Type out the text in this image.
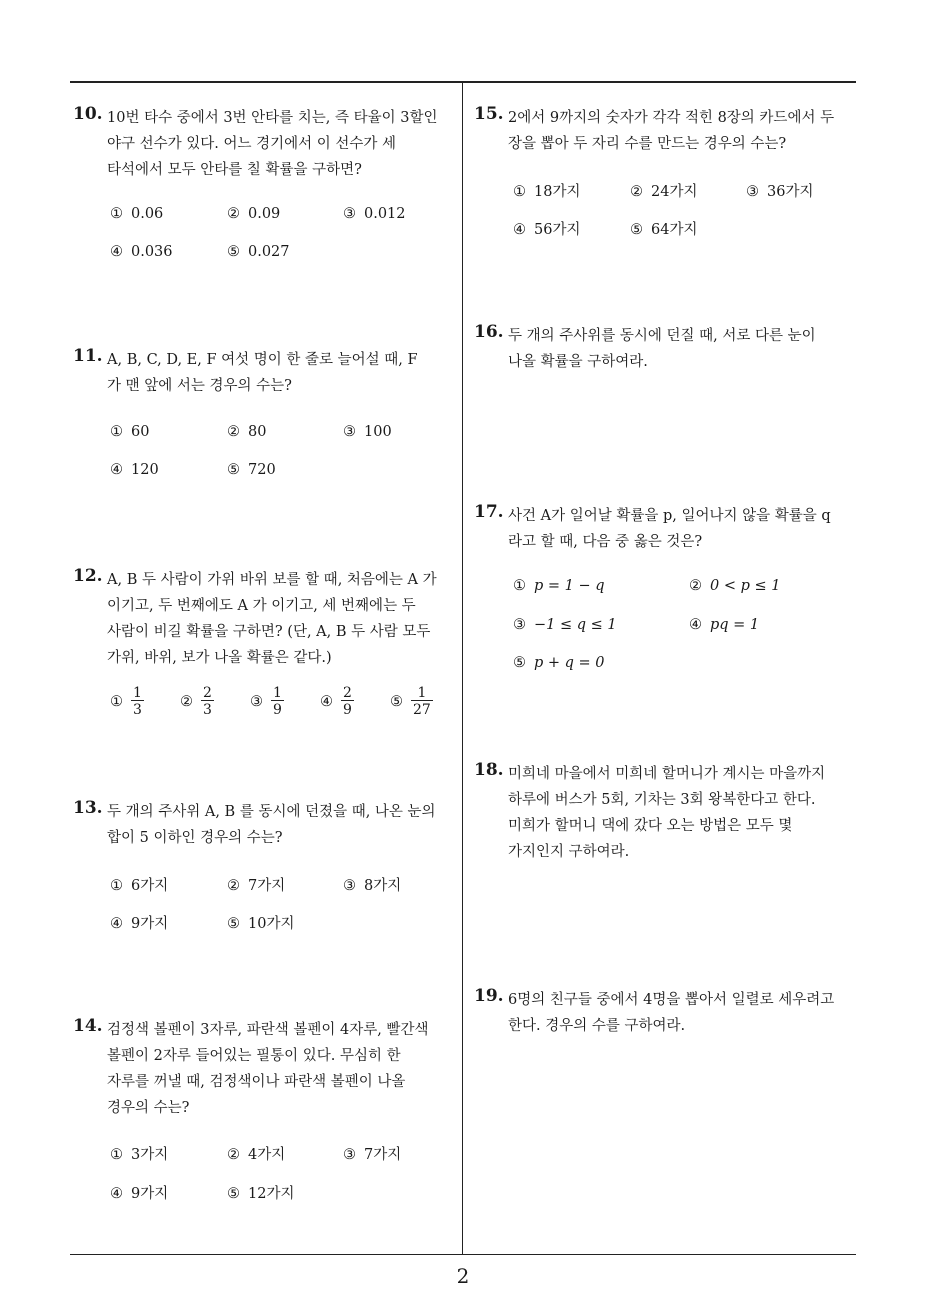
2
10. 10번 타수 중에서 3번 안타를 치는, 즉 타율이 3할인
야구 선수가 있다. 어느 경기에서 이 선수가 세
타석에서 모두 안타를 칠 확률을 구하면?
① 0.06	② 0.09	③ 0.012
④ 0.036	⑤ 0.027
11. A, B, C, D, E, F 여섯 명이 한 줄로 늘어설 때, F
가 맨 앞에 서는 경우의 수는?
① 60	② 80	③ 100
④ 120	⑤ 720
12. A, B 두 사람이 가위 바위 보를 할 때, 처음에는 A 가
이기고, 두 번째에도 A 가 이기고, 세 번째에는 두
사람이 비길 확률을 구하면? (단, A, B 두 사람 모두
가위, 바위, 보가 나올 확률은 같다.)
① $\frac{1}{3}$ ② $\frac{2}{3}$ ③ $\frac{1}{9}$ ④ $\frac{2}{9}$ ⑤ $\frac{1}{27}$
13. 두 개의 주사위 A, B 를 동시에 던졌을 때, 나온 눈의
합이 5 이하인 경우의 수는?
① 6가지	② 7가지	③ 8가지
④ 9가지	⑤ 10가지
14. 검정색 볼펜이 3자루, 파란색 볼펜이 4자루, 빨간색
볼펜이 2자루 들어있는 필통이 있다. 무심히 한
자루를 꺼낼 때, 검정색이나 파란색 볼펜이 나올
경우의 수는?
① 3가지	② 4가지	③ 7가지
④ 9가지	⑤ 12가지
15. 2에서 9까지의 숫자가 각각 적힌 8장의 카드에서 두
장을 뽑아 두 자리 수를 만드는 경우의 수는?
① 18가지	② 24가지	③ 36가지
④ 56가지	⑤ 64가지
16. 두 개의 주사위를 동시에 던질 때, 서로 다른 눈이
나올 확률을 구하여라.
17. 사건 A가 일어날 확률을 p, 일어나지 않을 확률을 q
라고 할 때, 다음 중 옳은 것은?
① p = 1 − q	② 0 < p ≤ 1
③ −1 ≤ q ≤ 1	④ pq = 1
⑤ p + q = 0
18. 미희네 마을에서 미희네 할머니가 계시는 마을까지
하루에 버스가 5회, 기차는 3회 왕복한다고 한다.
미희가 할머니 댁에 갔다 오는 방법은 모두 몇
가지인지 구하여라.
19. 6명의 친구들 중에서 4명을 뽑아서 일렬로 세우려고
한다. 경우의 수를 구하여라.
